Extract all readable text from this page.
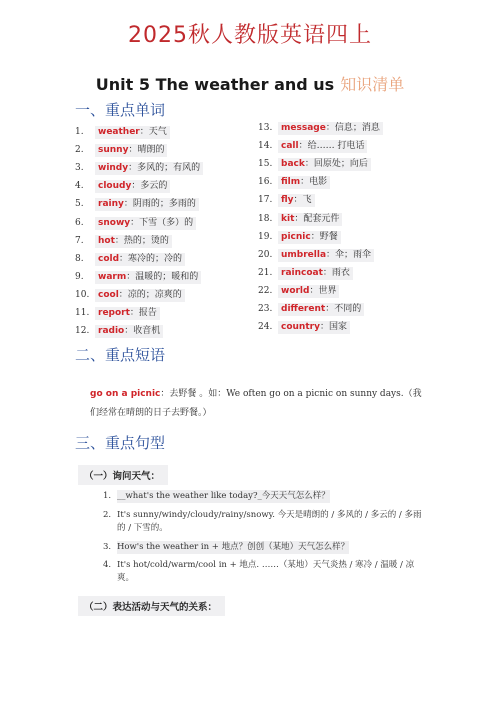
2025秋人教版英语四上
Unit 5 The weather and us 知识清单
一、重点单词
1. weather：天气
2. sunny：晴朗的
3. windy：多风的；有风的
4. cloudy：多云的
5. rainy：阴雨的；多雨的
6. snowy：下雪（多）的
7. hot：热的；烫的
8. cold：寒冷的；冷的
9. warm：温暖的；暖和的
10. cool：凉的；凉爽的
11. report：报告
12. radio：收音机
13. message：信息；消息
14. call：给…… 打电话
15. back：回原处；向后
16. film：电影
17. fly：飞
18. kit：配套元件
19. picnic：野餐
20. umbrella：伞；雨伞
21. raincoat：雨衣
22. world：世界
23. different：不同的
24. country：国家
二、重点短语
go on a picnic：去野餐 。如：We often go on a picnic on sunny days.（我们经常在晴朗的日子去野餐。）
三、重点句型
（一）询问天气：
1. __what's the weather like today?_今天天气怎么样？
2. It's sunny/windy/cloudy/rainy/snowy. 今天是晴朗的 / 多风的 / 多云的 / 多雨的 / 下雪的。
3. How's the weather in + 地点？创创（某地）天气怎么样？
4. It's hot/cold/warm/cool in + 地点. ……（某地）天气炎热 / 寒冷 / 温暖 / 凉爽。
（二）表达活动与天气的关系：
